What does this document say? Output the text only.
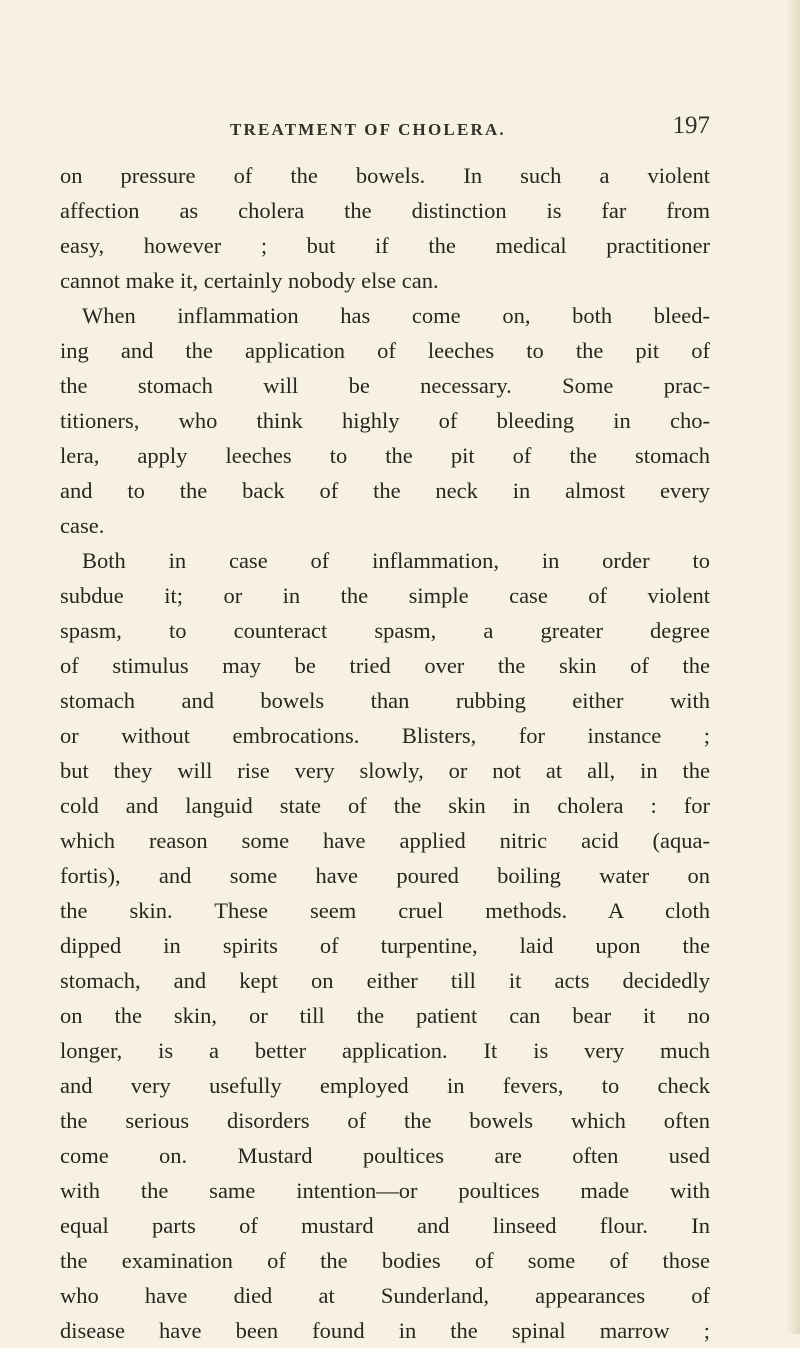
TREATMENT OF CHOLERA.	197
on pressure of the bowels. In such a violent
affection as cholera the distinction is far from
easy, however ; but if the medical practitioner
cannot make it, certainly nobody else can.
When inflammation has come on, both bleed-
ing and the application of leeches to the pit of
the stomach will be necessary. Some prac-
titioners, who think highly of bleeding in cho-
lera, apply leeches to the pit of the stomach
and to the back of the neck in almost every
case.
Both in case of inflammation, in order to
subdue it; or in the simple case of violent
spasm, to counteract spasm, a greater degree
of stimulus may be tried over the skin of the
stomach and bowels than rubbing either with
or without embrocations. Blisters, for instance ;
but they will rise very slowly, or not at all, in the
cold and languid state of the skin in cholera : for
which reason some have applied nitric acid (aqua-
fortis), and some have poured boiling water on
the skin. These seem cruel methods. A cloth
dipped in spirits of turpentine, laid upon the
stomach, and kept on either till it acts decidedly
on the skin, or till the patient can bear it no
longer, is a better application. It is very much
and very usefully employed in fevers, to check
the serious disorders of the bowels which often
come on. Mustard poultices are often used
with the same intention—or poultices made with
equal parts of mustard and linseed flour. In
the examination of the bodies of some of those
who have died at Sunderland, appearances of
disease have been found in the spinal marrow ;
